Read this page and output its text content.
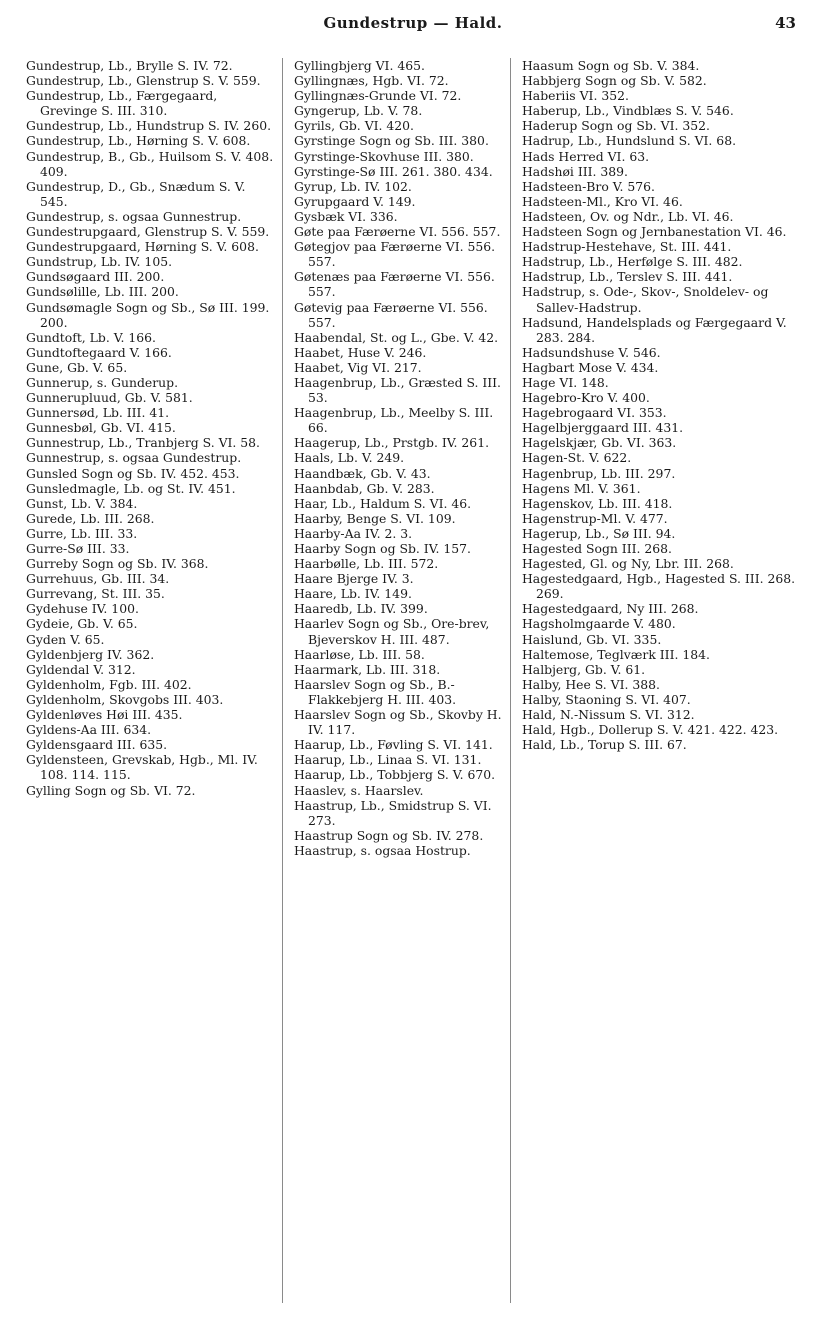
Gundestrup — Hald.	43

Gundestrup, Lb., Brylle S. IV. 72.

Gundestrup, Lb., Glenstrup S. V. 559.

Gundestrup, Lb., Færgegaard, Grevinge S. III. 310.

Gundestrup, Lb., Hundstrup S. IV. 260.

Gundestrup, Lb., Hørning S. V. 608.

Gundestrup, B., Gb., Huilsom S. V. 408. 409.

Gundestrup, D., Gb., Snædum S. V. 545.

Gundestrup, s. ogsaa Gunnestrup.

Gundestrupgaard, Glenstrup S. V. 559.

Gundestrupgaard, Hørning S. V. 608.

Gundstrup, Lb. IV. 105.

Gundsøgaard III. 200.

Gundsølille, Lb. III. 200.

Gundsømagle Sogn og Sb., Sø III. 199. 200.

Gundtoft, Lb. V. 166.

Gundtoftegaard V. 166.

Gune, Gb. V. 65.

Gunnerup, s. Gunderup.

Gunnerupluud, Gb. V. 581.

Gunnersød, Lb. III. 41.

Gunnesbøl, Gb. VI. 415.

Gunnestrup, Lb., Tranbjerg S. VI. 58.

Gunnestrup, s. ogsaa Gundestrup.

Gunsled Sogn og Sb. IV. 452. 453.

Gunsledmagle, Lb. og St. IV. 451.

Gunst, Lb. V. 384.

Gurede, Lb. III. 268.

Gurre, Lb. III. 33.

Gurre-Sø III. 33.

Gurreby Sogn og Sb. IV. 368.

Gurrehuus, Gb. III. 34.

Gurrevang, St. III. 35.

Gydehuse IV. 100.

Gydeie, Gb. V. 65.

Gyden V. 65.

Gyldenbjerg IV. 362.

Gyldendal V. 312.

Gyldenholm, Fgb. III. 402.

Gyldenholm, Skovgobs III. 403.

Gyldenløves Høi III. 435.

Gyldens-Aa III. 634.

Gyldensgaard III. 635.

Gyldensteen, Grevskab, Hgb., Ml. IV. 108. 114. 115.

Gylling Sogn og Sb. VI. 72.

Gyllingbjerg VI. 465.

Gyllingnæs, Hgb. VI. 72.

Gyllingnæs-Grunde VI. 72.

Gyngerup, Lb. V. 78.

Gyrils, Gb. VI. 420.

Gyrstinge Sogn og Sb. III. 380.

Gyrstinge-Skovhuse III. 380.

Gyrstinge-Sø III. 261. 380. 434.

Gyrup, Lb. IV. 102.

Gyrupgaard V. 149.

Gysbæk VI. 336.

Gøte paa Færøerne VI. 556. 557.

Gøtegjov paa Færøerne VI. 556. 557.

Gøtenæs paa Færøerne VI. 556. 557.

Gøtevig paa Færøerne VI. 556. 557.

Haabendal, St. og L., Gbe. V. 42.

Haabet, Huse V. 246.

Haabet, Vig VI. 217.

Haagenbrup, Lb., Græsted S. III. 53.

Haagenbrup, Lb., Meelby S. III. 66.

Haagerup, Lb., Prstgb. IV. 261.

Haals, Lb. V. 249.

Haandbæk, Gb. V. 43.

Haanbdab, Gb. V. 283.

Haar, Lb., Haldum S. VI. 46.

Haarby, Benge S. VI. 109.

Haarby-Aa IV. 2. 3.

Haarby Sogn og Sb. IV. 157.

Haarbølle, Lb. III. 572.

Haare Bjerge IV. 3.

Haare, Lb. IV. 149.

Haaredb, Lb. IV. 399.

Haarlev Sogn og Sb., Ore-brev, Bjeverskov H. III. 487.

Haarløse, Lb. III. 58.

Haarmark, Lb. III. 318.

Haarslev Sogn og Sb., B.-Flakkebjerg H. III. 403.

Haarslev Sogn og Sb., Skovby H. IV. 117.

Haarup, Lb., Føvling S. VI. 141.

Haarup, Lb., Linaa S. VI. 131.

Haarup, Lb., Tobbjerg S. V. 670.

Haaslev, s. Haarslev.

Haastrup, Lb., Smidstrup S. VI. 273.

Haastrup Sogn og Sb. IV. 278.

Haastrup, s. ogsaa Hostrup.

Haasum Sogn og Sb. V. 384.

Habbjerg Sogn og Sb. V. 582.

Haberiis VI. 352.

Haberup, Lb., Vindblæs S. V. 546.

Haderup Sogn og Sb. VI. 352.

Hadrup, Lb., Hundslund S. VI. 68.

Hads Herred VI. 63.

Hadshøi III. 389.

Hadsteen-Bro V. 576.

Hadsteen-Ml., Kro VI. 46.

Hadsteen, Ov. og Ndr., Lb. VI. 46.

Hadsteen Sogn og Jernbanestation VI. 46.

Hadstrup-Hestehave, St. III. 441.

Hadstrup, Lb., Herfølge S. III. 482.

Hadstrup, Lb., Terslev S. III. 441.

Hadstrup, s. Ode-, Skov-, Snoldelev- og Sallev-Hadstrup.

Hadsund, Handelsplads og Færgegaard V. 283. 284.

Hadsundshuse V. 546.

Hagbart Mose V. 434.

Hage VI. 148.

Hagebro-Kro V. 400.

Hagebrogaard VI. 353.

Hagelbjerggaard III. 431.

Hagelskjær, Gb. VI. 363.

Hagen-St. V. 622.

Hagenbrup, Lb. III. 297.

Hagens Ml. V. 361.

Hagenskov, Lb. III. 418.

Hagenstrup-Ml. V. 477.

Hagerup, Lb., Sø III. 94.

Hagested Sogn III. 268.

Hagested, Gl. og Ny, Lbr. III. 268.

Hagestedgaard, Hgb., Hagested S. III. 268. 269.

Hagestedgaard, Ny III. 268.

Hagsholmgaarde V. 480.

Haislund, Gb. VI. 335.

Haltemose, Teglværk III. 184.

Halbjerg, Gb. V. 61.

Halby, Hee S. VI. 388.

Halby, Staoning S. VI. 407.

Hald, N.-Nissum S. VI. 312.

Hald, Hgb., Dollerup S. V. 421. 422. 423.

Hald, Lb., Torup S. III. 67.
